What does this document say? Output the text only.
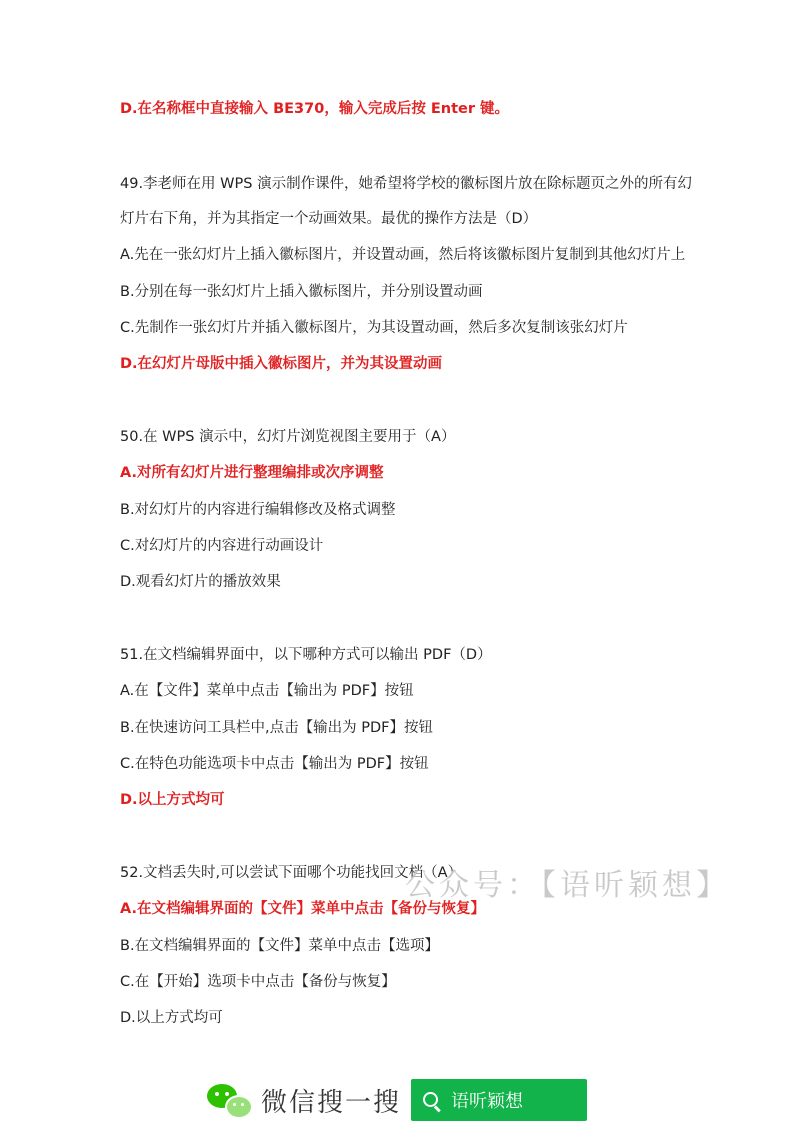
D.在名称框中直接输入 BE370，输入完成后按 Enter 键。

49.李老师在用 WPS 演示制作课件，她希望将学校的徽标图片放在除标题页之外的所有幻

灯片右下角，并为其指定一个动画效果。最优的操作方法是（D）

A.先在一张幻灯片上插入徽标图片，并设置动画，然后将该徽标图片复制到其他幻灯片上

B.分别在每一张幻灯片上插入徽标图片，并分别设置动画

C.先制作一张幻灯片并插入徽标图片，为其设置动画，然后多次复制该张幻灯片

D.在幻灯片母版中插入徽标图片，并为其设置动画

50.在 WPS 演示中，幻灯片浏览视图主要用于（A）

A.对所有幻灯片进行整理编排或次序调整

B.对幻灯片的内容进行编辑修改及格式调整

C.对幻灯片的内容进行动画设计

D.观看幻灯片的播放效果

51.在文档编辑界面中，以下哪种方式可以输出 PDF（D）

A.在【文件】菜单中点击【输出为 PDF】按钮

B.在快速访问工具栏中,点击【输出为 PDF】按钮

C.在特色功能选项卡中点击【输出为 PDF】按钮

D.以上方式均可

52.文档丢失时,可以尝试下面哪个功能找回文档（A）

A.在文档编辑界面的【文件】菜单中点击【备份与恢复】

B.在文档编辑界面的【文件】菜单中点击【选项】

C.在【开始】选项卡中点击【备份与恢复】

D.以上方式均可

公众号：【语听颖想】
微信搜一搜	语听颖想
